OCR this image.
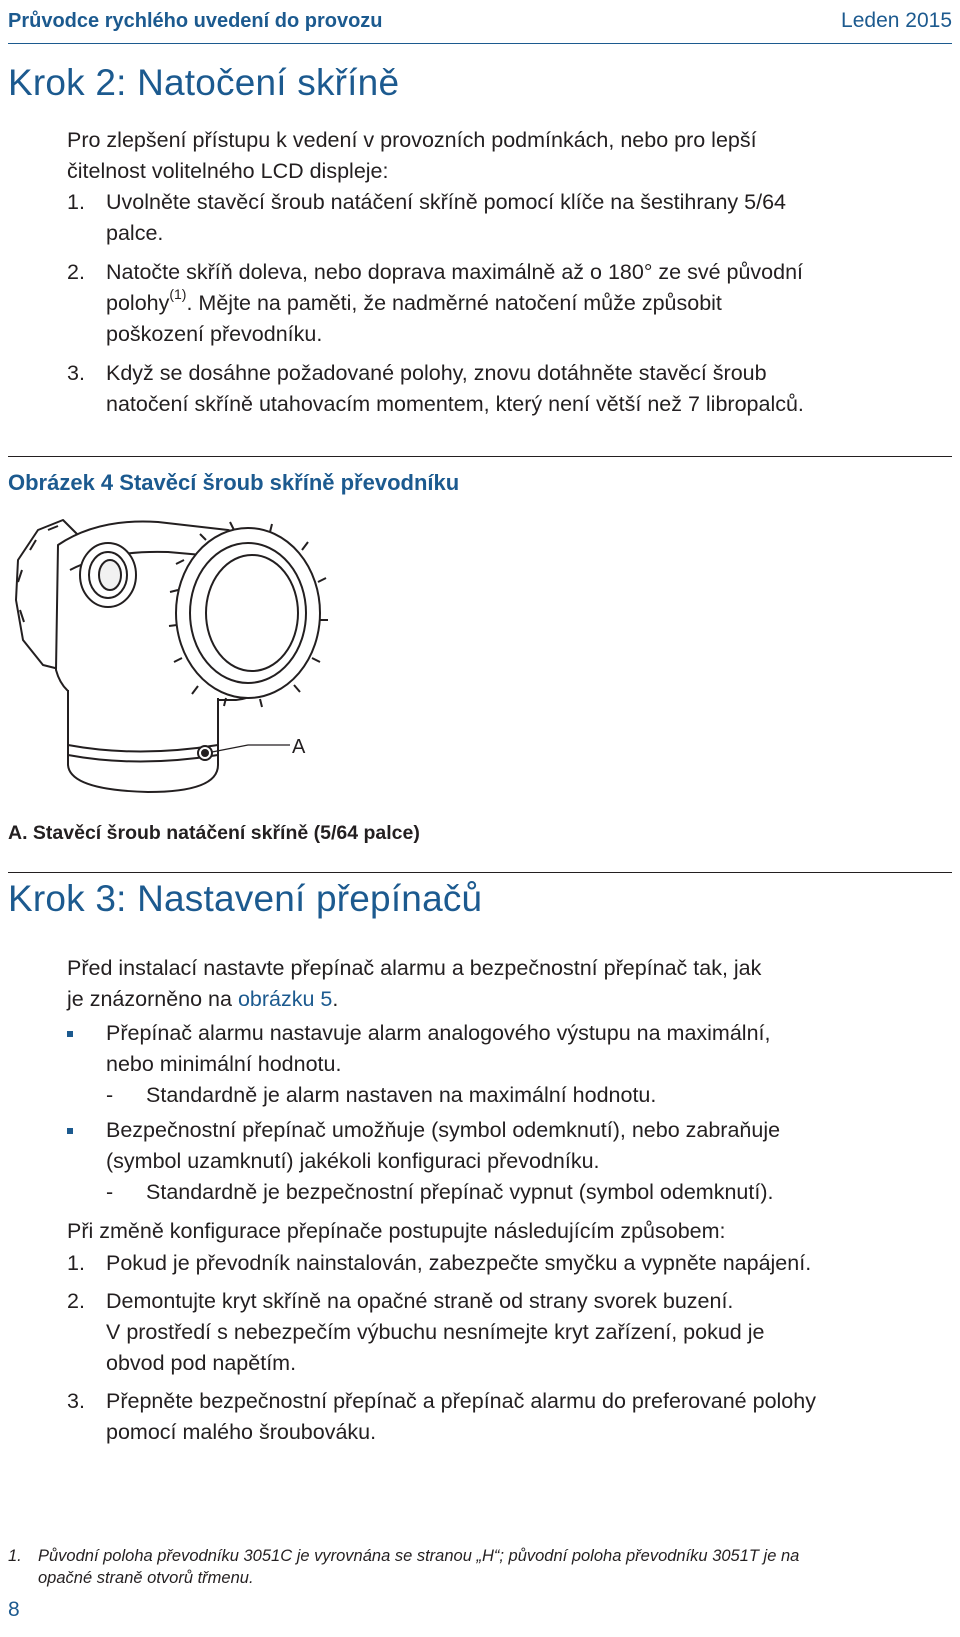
Průvodce rychlého uvedení do provozu	Leden 2015
Krok 2: Natočení skříně
Pro zlepšení přístupu k vedení v provozních podmínkách, nebo pro lepší
čitelnost volitelného LCD displeje:
1. Uvolněte stavěcí šroub natáčení skříně pomocí klíče na šestihrany 5/64
palce.
2. Natočte skříň doleva, nebo doprava maximálně až o 180° ze své původní
polohy$^{(1)}$. Mějte na paměti, že nadměrné natočení může způsobit
poškození převodníku.
3. Když se dosáhne požadované polohy, znovu dotáhněte stavěcí šroub
natočení skříně utahovacím momentem, který není větší než 7 libropalců.
Obrázek 4 Stavěcí šroub skříně převodníku
A
A. Stavěcí šroub natáčení skříně (5/64 palce)
Krok 3: Nastavení přepínačů
Před instalací nastavte přepínač alarmu a bezpečnostní přepínač tak, jak
je znázorněno na obrázku 5.
Přepínač alarmu nastavuje alarm analogového výstupu na maximální,
nebo minimální hodnotu.
- Standardně je alarm nastaven na maximální hodnotu.
Bezpečnostní přepínač umožňuje (symbol odemknutí), nebo zabraňuje
(symbol uzamknutí) jakékoli konfiguraci převodníku.
- Standardně je bezpečnostní přepínač vypnut (symbol odemknutí).
Při změně konfigurace přepínače postupujte následujícím způsobem:
1. Pokud je převodník nainstalován, zabezpečte smyčku a vypněte napájení.
2. Demontujte kryt skříně na opačné straně od strany svorek buzení.
V prostředí s nebezpečím výbuchu nesnímejte kryt zařízení, pokud je
obvod pod napětím.
3. Přepněte bezpečnostní přepínač a přepínač alarmu do preferované polohy
pomocí malého šroubováku.
1. Původní poloha převodníku 3051C je vyrovnána se stranou „H“; původní poloha převodníku 3051T je na
opačné straně otvorů třmenu.
8
